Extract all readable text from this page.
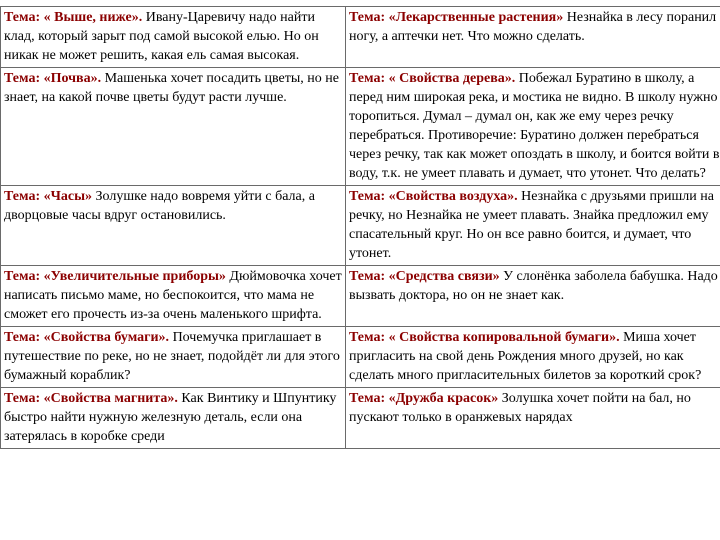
Тема: « Выше, ниже». Ивану-Царевичу надо найти клад, который зарыт под самой высокой елью. Но он никак не может решить, какая ель самая высокая.	Тема: «Лекарственные растения» Незнайка в лесу поранил ногу, а аптечки нет. Что можно сделать.
Тема: «Почва». Машенька хочет посадить цветы, но не знает, на какой почве цветы будут расти лучше.	Тема: « Свойства дерева». Побежал Буратино в школу, а перед ним широкая река, и мостика не видно. В школу нужно торопиться. Думал – думал он, как же ему через речку перебраться. Противоречие: Буратино должен перебраться через речку, так как может опоздать в школу, и боится войти в воду, т.к. не умеет плавать и думает, что утонет. Что делать?
Тема: «Часы» Золушке надо вовремя уйти с бала, а дворцовые часы вдруг остановились.	Тема: «Свойства воздуха». Незнайка с друзьями пришли на речку, но Незнайка не умеет плавать. Знайка предложил ему спасательный круг. Но он все равно боится, и думает, что утонет.
Тема: «Увеличительные приборы» Дюймовочка хочет написать письмо маме, но беспокоится, что мама не сможет его прочесть из-за очень маленького шрифта.	Тема: «Средства связи» У слонёнка заболела бабушка. Надо вызвать доктора, но он не знает как.
Тема: «Свойства бумаги». Почемучка приглашает в путешествие по реке, но не знает, подойдёт ли для этого бумажный кораблик?	Тема: « Свойства копировальной бумаги». Миша хочет пригласить на свой день Рождения много друзей, но как сделать много пригласительных билетов за короткий срок?
Тема: «Свойства магнита». Как Винтику и Шпунтику быстро найти нужную железную деталь, если она затерялась в коробке среди	Тема: «Дружба красок» Золушка хочет пойти на бал, но пускают только в оранжевых нарядах
